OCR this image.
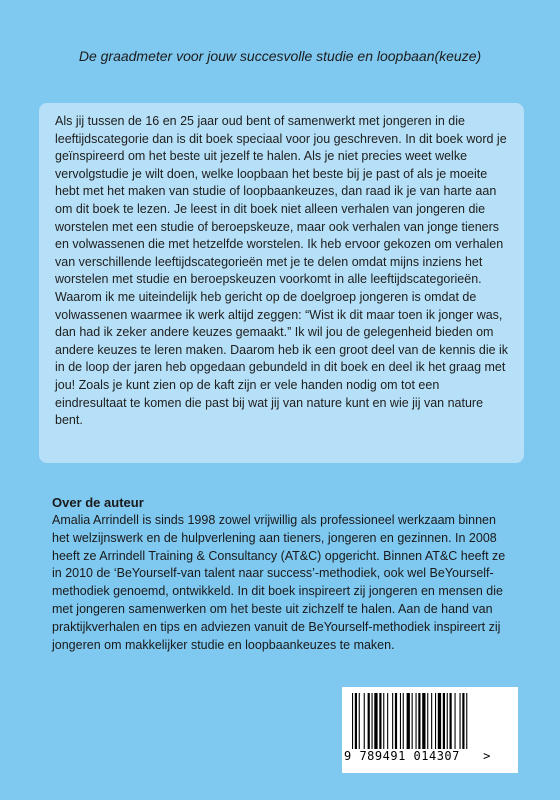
De graadmeter voor jouw succesvolle studie en loopbaan(keuze)

Als jij tussen de 16 en 25 jaar oud bent of samenwerkt met jongeren in die leeftijdscategorie dan is dit boek speciaal voor jou geschreven. In dit boek word je geïnspireerd om het beste uit jezelf te halen. Als je niet precies weet welke vervolgstudie je wilt doen, welke loopbaan het beste bij je past of als je moeite hebt met het maken van studie of loopbaankeuzes, dan raad ik je van harte aan om dit boek te lezen. Je leest in dit boek niet alleen verhalen van jongeren die worstelen met een studie of beroepskeuze, maar ook verhalen van jonge tieners en volwassenen die met hetzelfde worstelen. Ik heb ervoor gekozen om verhalen van verschillende leeftijdscategorieën met je te delen omdat mijns inziens het worstelen met studie en beroepskeuzen voorkomt in alle leeftijdscategorieën. Waarom ik me uiteindelijk heb gericht op de doelgroep jongeren is omdat de volwassenen waarmee ik werk altijd zeggen: “Wist ik dit maar toen ik jonger was, dan had ik zeker andere keuzes gemaakt.” Ik wil jou de gelegenheid bieden om andere keuzes te leren maken. Daarom heb ik een groot deel van de kennis die ik in de loop der jaren heb opgedaan gebundeld in dit boek en deel ik het graag met jou! Zoals je kunt zien op de kaft zijn er vele handen nodig om tot een eindresultaat te komen die past bij wat jij van nature kunt en wie jij van nature bent.

Over de auteur

Amalia Arrindell is sinds 1998 zowel vrijwillig als professioneel werkzaam binnen het welzijnswerk en de hulpverlening aan tieners, jongeren en gezinnen. In 2008 heeft ze Arrindell Training & Consultancy (AT&C) opgericht. Binnen AT&C heeft ze in 2010 de ‘BeYourself-van talent naar success’-methodiek, ook wel BeYourself-methodiek genoemd, ontwikkeld. In dit boek inspireert zij jongeren en mensen die met jongeren samenwerken om het beste uit zichzelf te halen. Aan de hand van praktijkverhalen en tips en adviezen vanuit de BeYourself-methodiek inspireert zij jongeren om makkelijker studie en loopbaankeuzes te maken.

9 789491 014307 >
